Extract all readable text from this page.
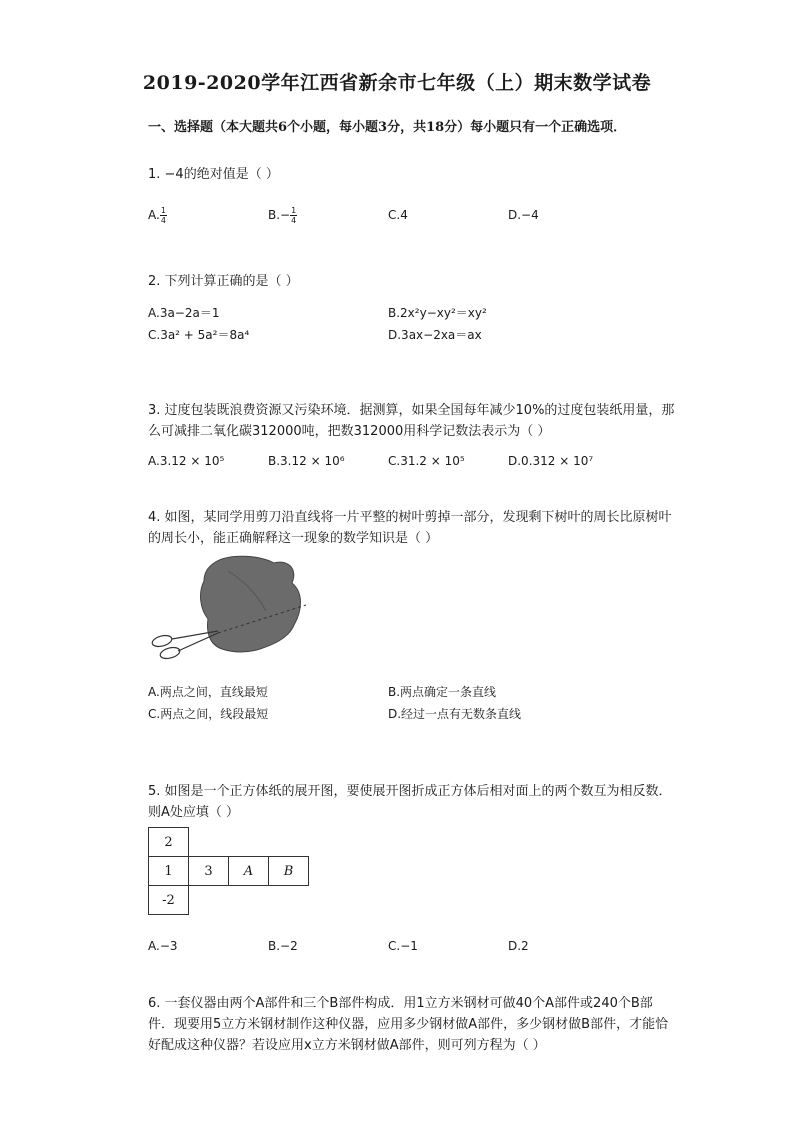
2019-2020学年江西省新余市七年级（上）期末数学试卷
一、选择题（本大题共6个小题，每小题3分，共18分）每小题只有一个正确选项．
1. −4的绝对值是（ ）
A. $\frac{1}{4}$	$B.- \frac{1}{4}$	C.4	D.−4
2. 下列计算正确的是（ ）
A.3a−2a＝1	B.2x²y−xy²＝xy²
C.3a² + 5a²＝8a⁴	D.3ax−2xa＝ax
3. 过度包装既浪费资源又污染环境．据测算，如果全国每年减少10%的过度包装纸用量，那么可减排二氧化碳312000吨，把数312000用科学记数法表示为（ ）
A.3.12 × 10⁵	B.3.12 × 10⁶	C.31.2 × 10⁵	D.0.312 × 10⁷
4. 如图，某同学用剪刀沿直线将一片平整的树叶剪掉一部分，发现剩下树叶的周长比原树叶的周长小，能正确解释这一现象的数学知识是（ ）
A.两点之间，直线最短	B.两点确定一条直线
C.两点之间，线段最短	D.经过一点有无数条直线
5. 如图是一个正方体纸的展开图，要使展开图折成正方体后相对面上的两个数互为相反数．则A处应填（ ）
2
1	3	A	B
-2
A.−3	B.−2	C.−1	D.2
6. 一套仪器由两个A部件和三个B部件构成．用1立方米钢材可做40个A部件或240个B部件．现要用5立方米钢材制作这种仪器，应用多少钢材做A部件，多少钢材做B部件，才能恰好配成这种仪器？若设应用x立方米钢材做A部件，则可列方程为（ ）
